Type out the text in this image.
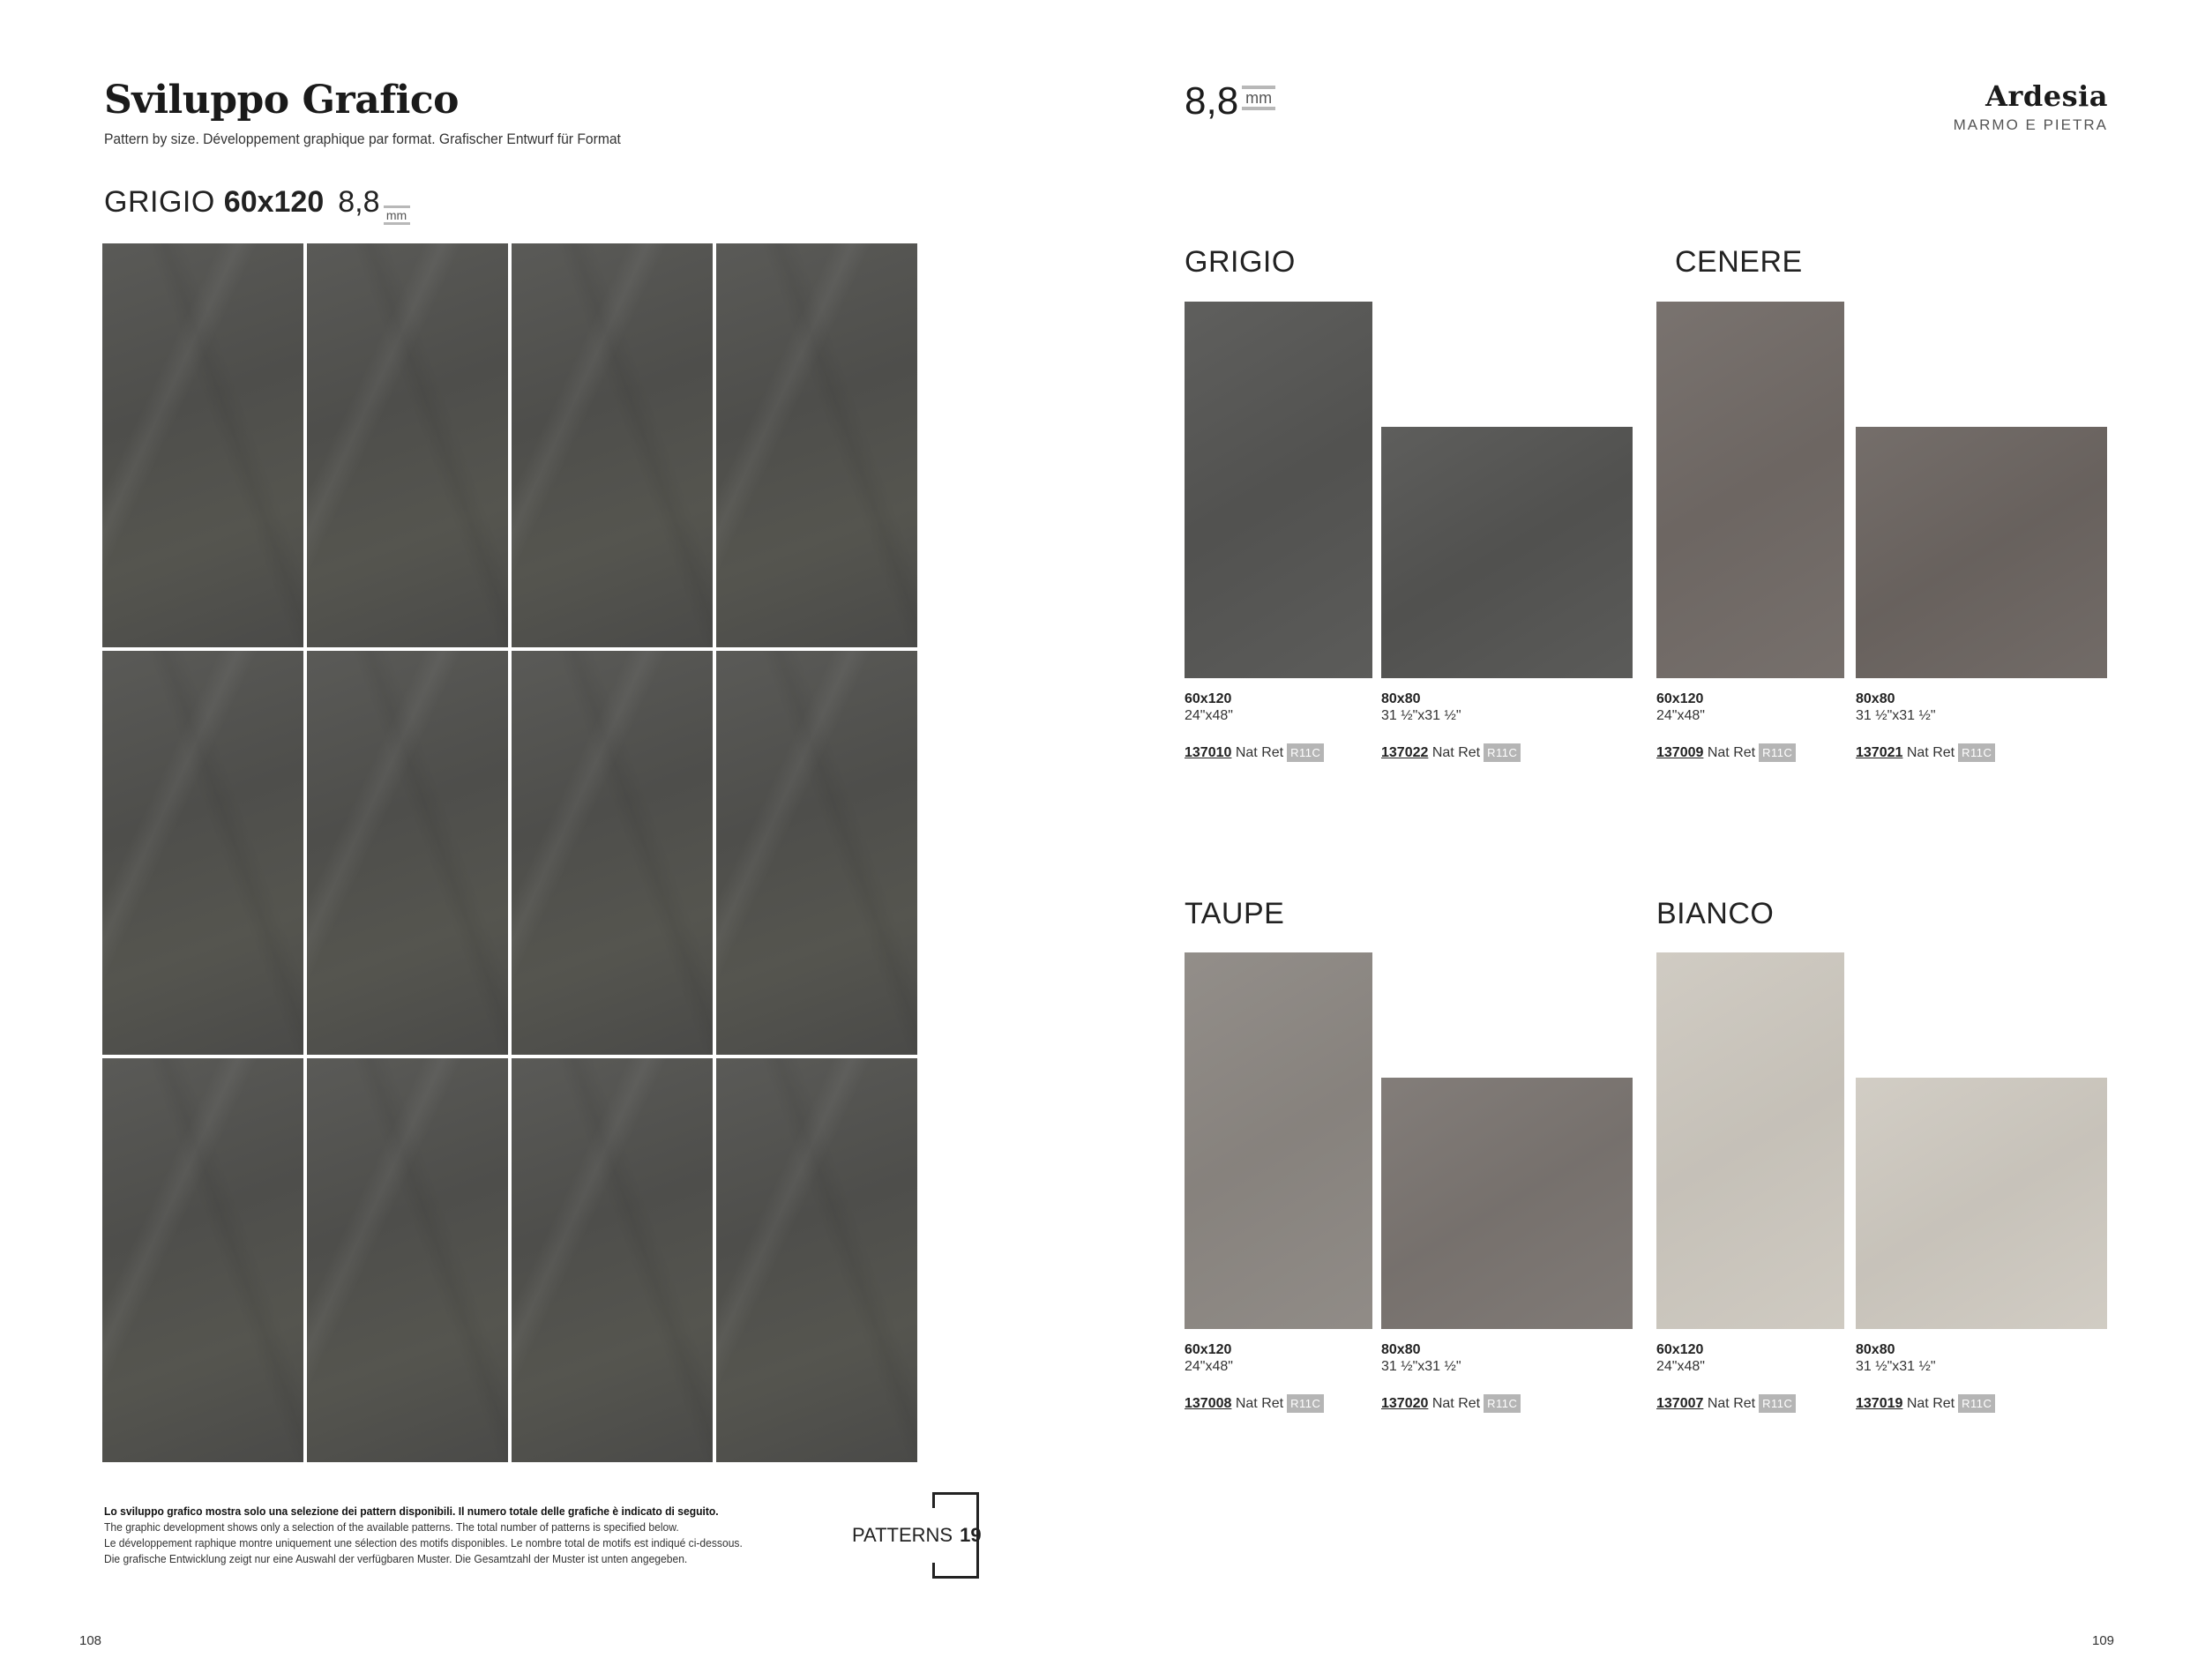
Sviluppo Grafico
Pattern by size. Développement graphique par format. Grafischer Entwurf für Format
GRIGIO 60x120 8,8 mm
Lo sviluppo grafico mostra solo una selezione dei pattern disponibili. Il numero totale delle grafiche è indicato di seguito.
The graphic development shows only a selection of the available patterns. The total number of patterns is specified below.
Le développement raphique montre uniquement une sélection des motifs disponibles. Le nombre total de motifs est indiqué ci-dessous.
Die grafische Entwicklung zeigt nur eine Auswahl der verfügbaren Muster. Die Gesamtzahl der Muster ist unten angegeben.
PATTERNS 19
108
8,8 mm	Ardesia
MARMO E PIETRA
GRIGIO
60x120
24"x48"
137010 Nat Ret R11C
80x80
31 ½"x31 ½"
137022 Nat Ret R11C
CENERE
60x120
24"x48"
137009 Nat Ret R11C
80x80
31 ½"x31 ½"
137021 Nat Ret R11C
TAUPE
60x120
24"x48"
137008 Nat Ret R11C
80x80
31 ½"x31 ½"
137020 Nat Ret R11C
BIANCO
60x120
24"x48"
137007 Nat Ret R11C
80x80
31 ½"x31 ½"
137019 Nat Ret R11C
109
